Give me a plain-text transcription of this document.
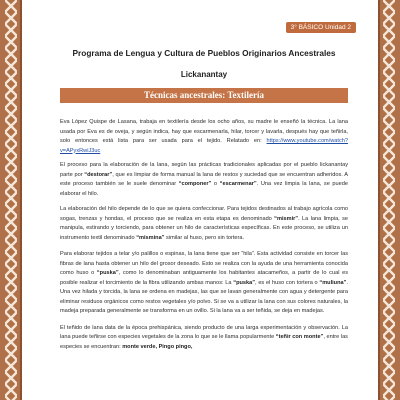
3° BÁSICO Unidad 2

Programa de Lengua y Cultura de Pueblos Originarios Ancestrales

Lickanantay
Técnicas ancestrales: Textilería

Eva López Quispe de Lasana, trabaja en textilería desde los ocho años, su madre le enseñó la técnica. La lana usada por Eva es de oveja, y según indica, hay que escarmenarla, hilar, torcer y lavarla, después hay que teñirla, solo entonces está lista para ser usada para el tejido. Relatado en: https://www.youtube.com/watch?v=APyxRwiJ3uc

El proceso para la elaboración de la lana, según las prácticas tradicionales aplicadas por el pueblo lickanantay parte por “destorar”, que es limpiar de forma manual la lana de restos y suciedad que se encuentran adheridos. A este proceso también se le suele denominar “componer” o “escarmenar”. Una vez limpia la lana, se puede elaborar el hilo.

La elaboración del hilo depende de lo que se quiera confeccionar. Para tejidos destinados al trabajo agrícola como sogas, trenzas y hondas, el proceso que se realiza en esta etapa es denominado “mismir”. La lana limpia, se manipula, estirando y torciendo, para obtener un hilo de características específicas. En este proceso, se utiliza un instrumento textil denominado “mismina” similar al huso, pero sin tortera.

Para elaborar tejidos a telar y/o palillos o espinas, la lana tiene que ser “hila”. Esta actividad consiste en torcer las fibras de lana hasta obtener un hilo del grosor deseado. Esto se realiza con la ayuda de una herramienta conocida como huso o “puska”, como lo denominaban antiguamente los habitantes atacameños, a partir de lo cual es posible realizar el torcimiento de la fibra utilizando ambas manos: La “puska”, es el huso con tortera o “muliuna”. Una vez hilada y torcida, la lana se ordena en madejas, las que se lavan generalmente con agua y detergente para eliminar residuos orgánicos como restos vegetales y/o polvo. Si se va a utilizar la lana con sus colores naturales, la madeja preparada generalmente se transforma en un ovillo. Si la lana va a ser teñida, se deja en madejas.

El teñido de lana data de la época prehispánica, siendo producto de una larga experimentación y observación. La lana puede teñirse con especies vegetales de la zona lo que se le llama popularmente “teñir con monte”, entre las especies se encuentran: monte verde, Pingo pingo,
